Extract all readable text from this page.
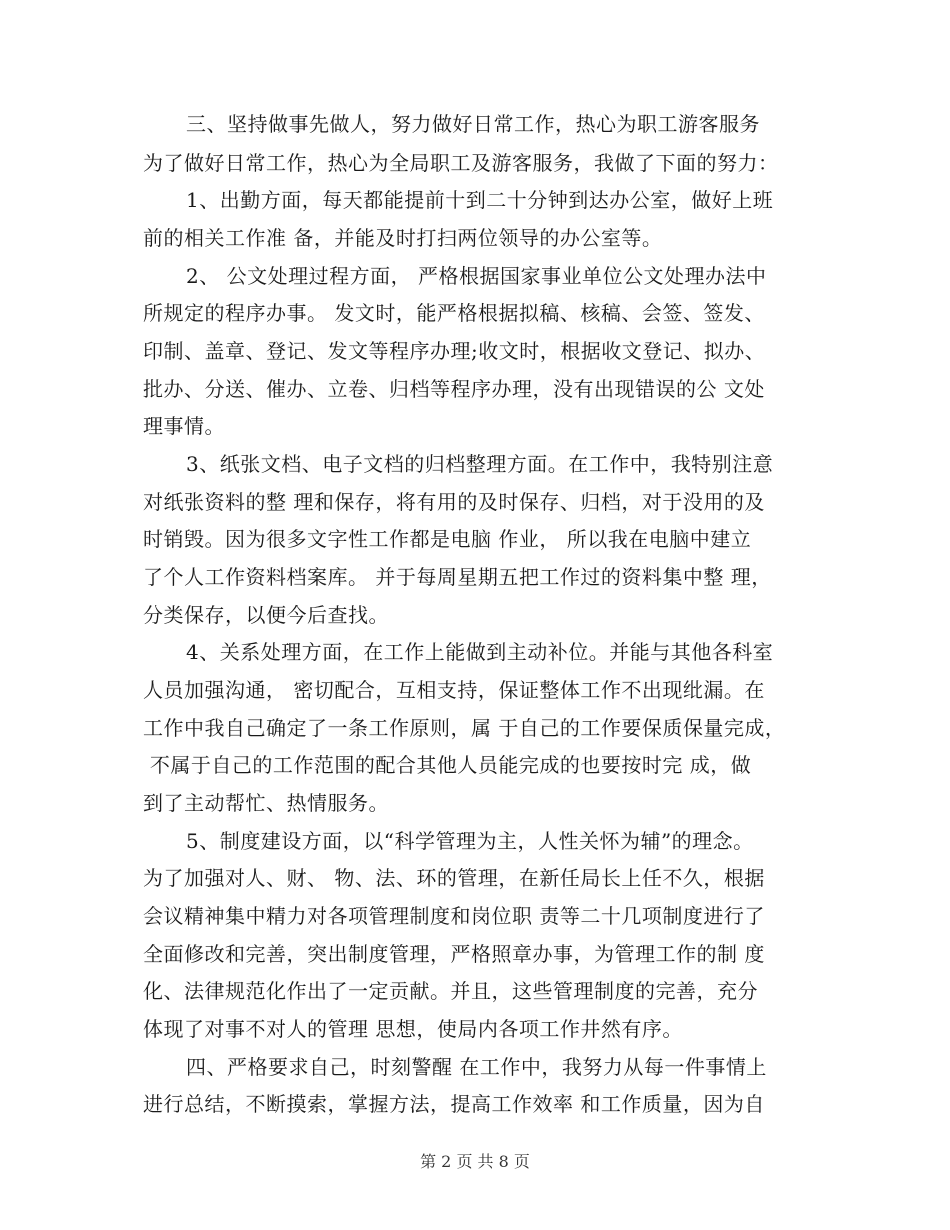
三、坚持做事先做人，努力做好日常工作，热心为职工游客服务
为了做好日常工作，热心为全局职工及游客服务，我做了下面的努力：
1、出勤方面，每天都能提前十到二十分钟到达办公室，做好上班
前的相关工作准 备，并能及时打扫两位领导的办公室等。
2、 公文处理过程方面， 严格根据国家事业单位公文处理办法中
所规定的程序办事。 发文时，能严格根据拟稿、核稿、会签、签发、
印制、盖章、登记、发文等程序办理;收文时，根据收文登记、拟办、
批办、分送、催办、立卷、归档等程序办理，没有出现错误的公 文处
理事情。
3、纸张文档、电子文档的归档整理方面。在工作中，我特别注意
对纸张资料的整 理和保存，将有用的及时保存、归档，对于没用的及
时销毁。因为很多文字性工作都是电脑 作业， 所以我在电脑中建立
了个人工作资料档案库。 并于每周星期五把工作过的资料集中整 理，
分类保存，以便今后查找。
4、关系处理方面，在工作上能做到主动补位。并能与其他各科室
人员加强沟通， 密切配合，互相支持，保证整体工作不出现纰漏。在
工作中我自己确定了一条工作原则，属 于自己的工作要保质保量完成，
不属于自己的工作范围的配合其他人员能完成的也要按时完 成，做
到了主动帮忙、热情服务。
5、制度建设方面，以“科学管理为主，人性关怀为辅”的理念。
为了加强对人、财、 物、法、环的管理，在新任局长上任不久，根据
会议精神集中精力对各项管理制度和岗位职 责等二十几项制度进行了
全面修改和完善，突出制度管理，严格照章办事，为管理工作的制 度
化、法律规范化作出了一定贡献。并且，这些管理制度的完善，充分
体现了对事不对人的管理 思想，使局内各项工作井然有序。
四、严格要求自己，时刻警醒 在工作中，我努力从每一件事情上
进行总结，不断摸索，掌握方法，提高工作效率 和工作质量，因为自
第 2 页 共 8 页
